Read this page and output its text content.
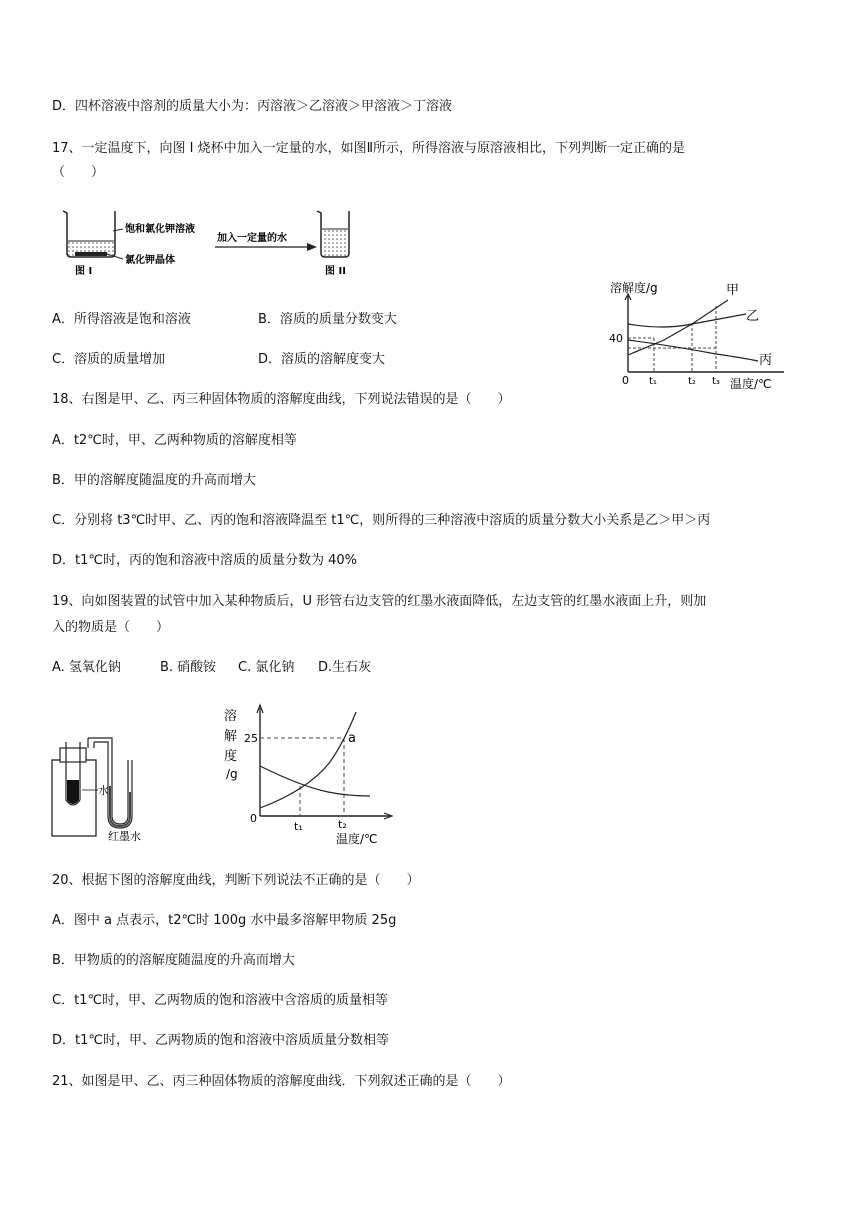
D．四杯溶液中溶剂的质量大小为：丙溶液＞乙溶液＞甲溶液＞丁溶液
17、一定温度下，向图 I 烧杯中加入一定量的水，如图Ⅱ所示，所得溶液与原溶液相比，下列判断一定正确的是
（　　）
饱和氯化钾溶液
氯化钾晶体
图 I
加入一定量的水
图 II
A．所得溶液是饱和溶液	B．溶质的质量分数变大
C．溶质的质量增加	D．溶质的溶解度变大
溶解度/g
40
0
甲
乙
丙
t₁	t₂ t₃ 温度/℃
18、右图是甲、乙、丙三种固体物质的溶解度曲线，下列说法错误的是（　　）
A．t2℃时，甲、乙两种物质的溶解度相等
B．甲的溶解度随温度的升高而增大
C．分别将 t3℃时甲、乙、丙的饱和溶液降温至 t1℃，则所得的三种溶液中溶质的质量分数大小关系是乙＞甲＞丙
D．t1℃时，丙的饱和溶液中溶质的质量分数为 40%
19、向如图装置的试管中加入某种物质后，U 形管右边支管的红墨水液面降低，左边支管的红墨水液面上升，则加
入的物质是（　　）
A. 氢氧化钠	B. 硝酸铵 C. 氯化钠 D.生石灰
水
红墨水
溶
解
度
/g
25
0
a
t₁	t₂
温度/℃
20、根据下图的溶解度曲线，判断下列说法不正确的是（　　）
A．图中 a 点表示，t2℃时 100g 水中最多溶解甲物质 25g
B．甲物质的的溶解度随温度的升高而增大
C．t1℃时，甲、乙两物质的饱和溶液中含溶质的质量相等
D．t1℃时，甲、乙两物质的饱和溶液中溶质质量分数相等
21、如图是甲、乙、丙三种固体物质的溶解度曲线．下列叙述正确的是（　　）
